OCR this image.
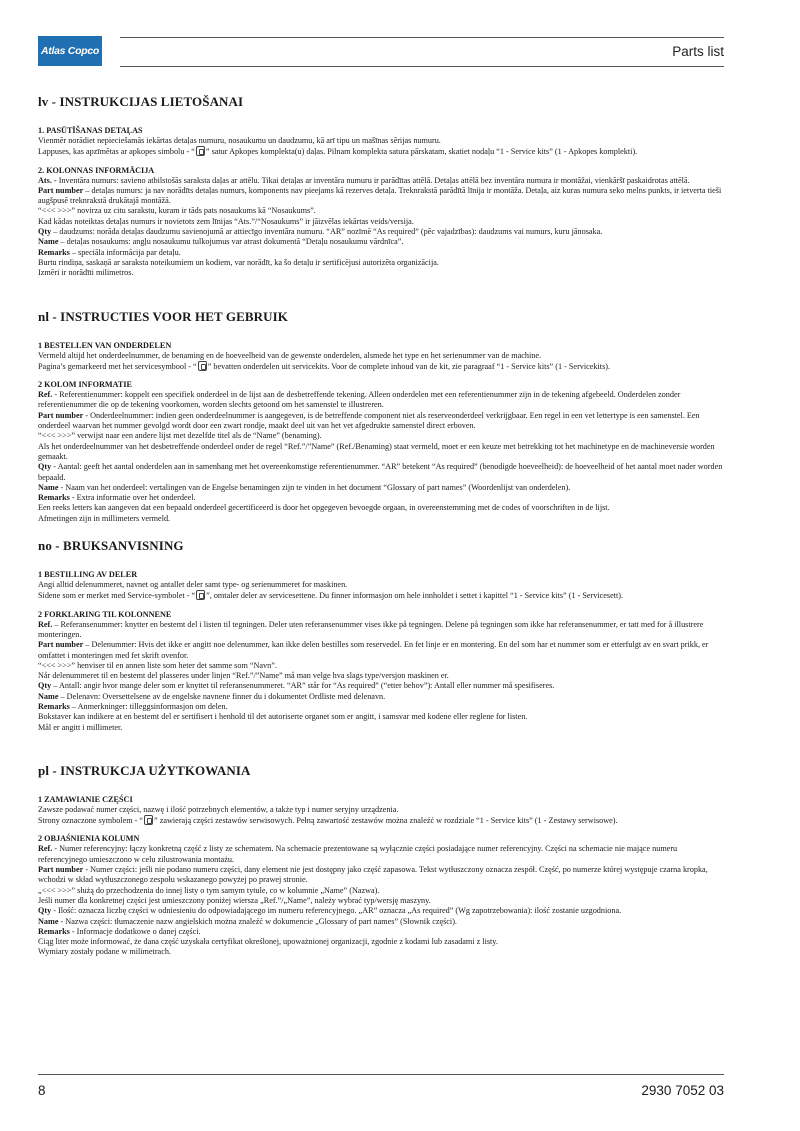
Atlas Copco	Parts list
lv - INSTRUKCIJAS LIETOŠANAI
1. PASŪTĪŠANAS DETAĻAS

Vienmēr norādiet nepieciešamās iekārtas detaļas numuru, nosaukumu un daudzumu, kā arī tipu un mašīnas sērijas numuru.

Lappuses, kas apzīmētas ar apkopes simbolu - “ ” satur Apkopes komplekta(u) daļas. Pilnam komplekta satura pārskatam, skatiet nodaļu “1 - Service kits” (1 - Apkopes komplekti).

2. KOLONNAS INFORMĀCIJA

Ats. - Inventāra numurs: savieno atbilstošās saraksta daļas ar attēlu. Tikai detaļas ar inventāra numuru ir parādītas attēlā. Detaļas attēlā bez inventāra numura ir montāžai, vienkāršī paskaidrotas attēlā.

Part number – detaļas numurs: ja nav norādīts detaļas numurs, komponents nav pieejams kā rezerves detaļa. Treknrakstā parādītā līnija ir montāža. Detaļa, aiz kuras numura seko melns punkts, ir ietverta tieši augšpusē treknrakstā drukātajā montāžā.

“<<< >>>” novirza uz citu sarakstu, kuram ir tāds pats nosaukums kā “Nosaukums”.

Kad kādas noteiktas detaļas numurs ir novietots zem līnijas “Ats.”/“Nosaukums” ir jāizvēlas iekārtas veids/versija.

Qty – daudzums: norāda detaļas daudzumu savienojumā ar attiecīgo inventāra numuru. “AR” nozīmē “As required” (pēc vajadzības): daudzums vai numurs, kuru jānosaka.

Name – detaļas nosaukums: angļu nosaukumu tulkojumus var atrast dokumentā “Detaļu nosaukumu vārdnīca”.

Remarks – speciāla informācija par detaļu.

Burtu rindiņa, saskaņā ar saraksta noteikumiem un kodiem, var norādīt, ka šo detaļu ir sertificējusi autorizēta organizācija.

Izmēri ir norādīti milimetros.

nl - INSTRUCTIES VOOR HET GEBRUIK
1 BESTELLEN VAN ONDERDELEN

Vermeld altijd het onderdeelnummer, de benaming en de hoeveelheid van de gewenste onderdelen, alsmede het type en het serienummer van de machine.

Pagina’s gemarkeerd met het servicesymbool - “ ” bevatten onderdelen uit servicekits. Voor de complete inhoud van de kit, zie paragraaf “1 - Service kits” (1 - Servicekits).

2 KOLOM INFORMATIE

Ref. - Referentienummer: koppelt een specifiek onderdeel in de lijst aan de desbetreffende tekening. Alleen onderdelen met een referentienummer zijn in de tekening afgebeeld. Onderdelen zonder referentienummer die op de tekening voorkomen, worden slechts getoond om het samenstel te illustreren.

Part number - Onderdeelnummer: indien geen onderdeelnummer is aangegeven, is de betreffende component niet als reserveonderdeel verkrijgbaar. Een regel in een vet lettertype is een samenstel. Een onderdeel waarvan het nummer gevolgd wordt door een zwart rondje, maakt deel uit van het vet afgedrukte samenstel direct erboven.

“<<< >>>” verwijst naar een andere lijst met dezelfde titel als de “Name” (benaming).

Als het onderdeelnummer van het desbetreffende onderdeel onder de regel “Ref.”/”Name” (Ref./Benaming) staat vermeld, moet er een keuze met betrekking tot het machinetype en de machineversie worden gemaakt.

Qty - Aantal: geeft het aantal onderdelen aan in samenhang met het overeenkomstige referentienummer. “AR” betekent “As required” (benodigde hoeveelheid): de hoeveelheid of het aantal moet nader worden bepaald.

Name - Naam van het onderdeel: vertalingen van de Engelse benamingen zijn te vinden in het document “Glossary of part names” (Woordenlijst van onderdelen).

Remarks - Extra informatie over het onderdeel.

Een reeks letters kan aangeven dat een bepaald onderdeel gecertificeerd is door het opgegeven bevoegde orgaan, in overeenstemming met de codes of voorschriften in de lijst.

Afmetingen zijn in millimeters vermeld.

no - BRUKSANVISNING
1 BESTILLING AV DELER

Angi alltid delenummeret, navnet og antallet deler samt type- og serienummeret for maskinen.

Sidene som er merket med Service-symbolet - “ ”, omtaler deler av servicesettene. Du finner informasjon om hele innholdet i settet i kapittel “1 - Service kits” (1 - Servicesett).

2 FORKLARING TIL KOLONNENE

Ref. – Referansenummer: knytter en bestemt del i listen til tegningen. Deler uten referansenummer vises ikke på tegningen. Delene på tegningen som ikke har referansenummer, er tatt med for å illustrere monteringen.

Part number – Delenummer: Hvis det ikke er angitt noe delenummer, kan ikke delen bestilles som reservedel. En fet linje er en montering. En del som har et nummer som er etterfulgt av en svart prikk, er omfattet i monteringen med fet skrift ovenfor.

“<<< >>>” henviser til en annen liste som heter det samme som “Navn”.

Når delenummeret til en bestemt del plasseres under linjen “Ref.”/”Name” må man velge hva slags type/versjon maskinen er.

Qty – Antall: angir hvor mange deler som er knyttet til referansenummeret. “AR” står for “As required” (“etter behov”): Antall eller nummer må spesifiseres.

Name – Delenavn: Oversettelsene av de engelske navnene finner du i dokumentet Ordliste med delenavn.

Remarks – Anmerkninger: tilleggsinformasjon om delen.

Bokstaver kan indikere at en bestemt del er sertifisert i henhold til det autoriserte organet som er angitt, i samsvar med kodene eller reglene for listen.

Mål er angitt i millimeter.

pl - INSTRUKCJA UŻYTKOWANIA
1 ZAMAWIANIE CZĘŚCI

Zawsze podawać numer części, nazwę i ilość potrzebnych elementów, a także typ i numer seryjny urządzenia.

Strony oznaczone symbolem - “ ” zawierają części zestawów serwisowych. Pełną zawartość zestawów można znaleźć w rozdziale “1 - Service kits” (1 - Zestawy serwisowe).

2 OBJAŚNIENIA KOLUMN

Ref. - Numer referencyjny: łączy konkretną część z listy ze schematem. Na schemacie prezentowane są wyłącznie części posiadające numer referencyjny. Części na schemacie nie mające numeru referencyjnego umieszczono w celu zilustrowania montażu.

Part number - Numer części: jeśli nie podano numeru części, dany element nie jest dostępny jako część zapasowa. Tekst wytłuszczony oznacza zespół. Część, po numerze której występuje czarna kropka, wchodzi w skład wytłuszczonego zespołu wskazanego powyżej po prawej stronie.

„<<< >>>” służą do przechodzenia do innej listy o tym samym tytule, co w kolumnie „Name” (Nazwa).

Jeśli numer dla konkretnej części jest umieszczony poniżej wiersza „Ref.”/„Name”, należy wybrać typ/wersję maszyny.

Qty - Ilość: oznacza liczbę części w odniesieniu do odpowiadającego im numeru referencyjnego. „AR” oznacza „As required” (Wg zapotrzebowania): ilość zostanie uzgodniona.

Name - Nazwa części: tłumaczenie nazw angielskich można znaleźć w dokumencie „Glossary of part names” (Słownik części).

Remarks - Informacje dodatkowe o danej części.

Ciąg liter może informować, że dana część uzyskała certyfikat określonej, upoważnionej organizacji, zgodnie z kodami lub zasadami z listy.

Wymiary zostały podane w milimetrach.

8	2930 7052 03
